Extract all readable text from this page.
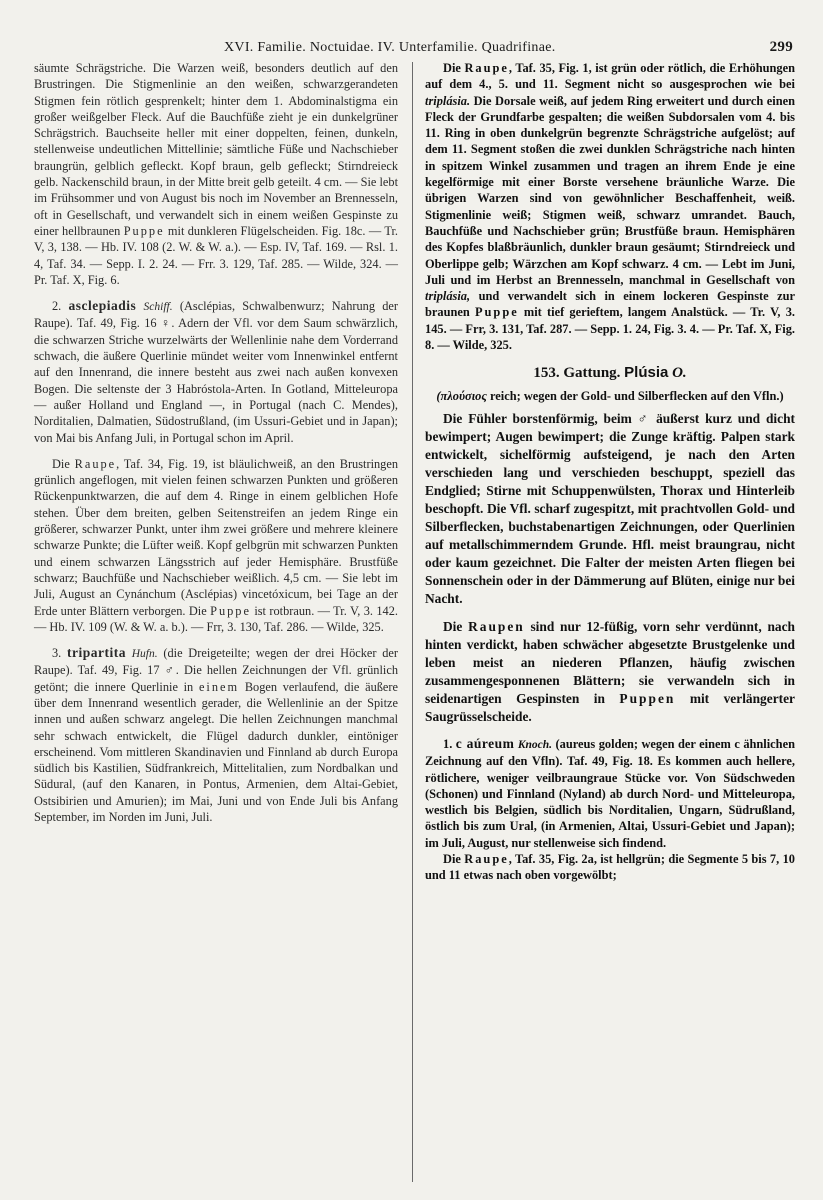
XVI. Familie. Noctuidae. IV. Unterfamilie. Quadrifinae.	299

säumte Schrägstriche. Die Warzen weiß, besonders deutlich auf den Brustringen. Die Stigmenlinie an den weißen, schwarzgerandeten Stigmen fein rötlich gesprenkelt; hinter dem 1. Abdominalstigma ein großer weißgelber Fleck. Auf die Bauchfüße zieht je ein dunkelgrüner Schrägstrich. Bauchseite heller mit einer doppelten, feinen, dunkeln, stellenweise undeutlichen Mittellinie; sämtliche Füße und Nachschieber braungrün, gelblich gefleckt. Kopf braun, gelb gefleckt; Stirndreieck gelb. Nackenschild braun, in der Mitte breit gelb geteilt. 4 cm. — Sie lebt im Frühsommer und von August bis noch im November an Brennesseln, oft in Gesellschaft, und verwandelt sich in einem weißen Gespinste zu einer hellbraunen Puppe mit dunkleren Flügelscheiden. Fig. 18c. — Tr. V, 3, 138. — Hb. IV. 108 (2. W. & W. a.). — Esp. IV, Taf. 169. — Rsl. 1. 4, Taf. 34. — Sepp. I. 2. 24. — Frr. 3. 129, Taf. 285. — Wilde, 324. — Pr. Taf. X, Fig. 6.

2. asclepiadis Schiff. (Asclépias, Schwalbenwurz; Nahrung der Raupe). Taf. 49, Fig. 16 ♀. Adern der Vfl. vor dem Saum schwärzlich, die schwarzen Striche wurzelwärts der Wellenlinie nahe dem Vorderrand schwach, die äußere Querlinie mündet weiter vom Innenwinkel entfernt auf den Innenrand, die innere besteht aus zwei nach außen konvexen Bogen. Die seltenste der 3 Habróstola-Arten. In Gotland, Mitteleuropa — außer Holland und England —, in Portugal (nach C. Mendes), Norditalien, Dalmatien, Südostrußland, (im Ussuri-Gebiet und in Japan); von Mai bis Anfang Juli, in Portugal schon im April.

Die Raupe, Taf. 34, Fig. 19, ist bläulichweiß, an den Brustringen grünlich angeflogen, mit vielen feinen schwarzen Punkten und größeren Rückenpunktwarzen, die auf dem 4. Ringe in einem gelblichen Hofe stehen. Über dem breiten, gelben Seitenstreifen an jedem Ringe ein größerer, schwarzer Punkt, unter ihm zwei größere und mehrere kleinere schwarze Punkte; die Lüfter weiß. Kopf gelbgrün mit schwarzen Punkten und einem schwarzen Längsstrich auf jeder Hemisphäre. Brustfüße schwarz; Bauchfüße und Nachschieber weißlich. 4,5 cm. — Sie lebt im Juli, August an Cynánchum (Asclépias) vincetóxicum, bei Tage an der Erde unter Blättern verborgen. Die Puppe ist rotbraun. — Tr. V, 3. 142. — Hb. IV. 109 (W. & W. a. b.). — Frr, 3. 130, Taf. 286. — Wilde, 325.

3. tripartita Hufn. (die Dreigeteilte; wegen der drei Höcker der Raupe). Taf. 49, Fig. 17 ♂. Die hellen Zeichnungen der Vfl. grünlich getönt; die innere Querlinie in einem Bogen verlaufend, die äußere über dem Innenrand wesentlich gerader, die Wellenlinie an der Spitze innen und außen schwarz angelegt. Die hellen Zeichnungen manchmal sehr schwach entwickelt, die Flügel dadurch dunkler, eintöniger erscheinend. Vom mittleren Skandinavien und Finnland ab durch Europa südlich bis Kastilien, Südfrankreich, Mittelitalien, zum Nordbalkan und Südural, (auf den Kanaren, in Pontus, Armenien, dem Altai-Gebiet, Ostsibirien und Amurien); im Mai, Juni und von Ende Juli bis Anfang September, im Norden im Juni, Juli.

Die Raupe, Taf. 35, Fig. 1, ist grün oder rötlich, die Erhöhungen auf dem 4., 5. und 11. Segment nicht so ausgesprochen wie bei triplásia. Die Dorsale weiß, auf jedem Ring erweitert und durch einen Fleck der Grundfarbe gespalten; die weißen Subdorsalen vom 4. bis 11. Ring in oben dunkelgrün begrenzte Schrägstriche aufgelöst; auf dem 11. Segment stoßen die zwei dunklen Schrägstriche nach hinten in spitzem Winkel zusammen und tragen an ihrem Ende je eine kegelförmige mit einer Borste versehene bräunliche Warze. Die übrigen Warzen sind von gewöhnlicher Beschaffenheit, weiß. Stigmenlinie weiß; Stigmen weiß, schwarz umrandet. Bauch, Bauchfüße und Nachschieber grün; Brustfüße braun. Hemisphären des Kopfes blaßbräunlich, dunkler braun gesäumt; Stirndreieck und Oberlippe gelb; Wärzchen am Kopf schwarz. 4 cm. — Lebt im Juni, Juli und im Herbst an Brennesseln, manchmal in Gesellschaft von triplásia, und verwandelt sich in einem lockeren Gespinste zur braunen Puppe mit tief gerieftem, langem Analstück. — Tr. V, 3. 145. — Frr, 3. 131, Taf. 287. — Sepp. 1. 24, Fig. 3. 4. — Pr. Taf. X, Fig. 8. — Wilde, 325.

153. Gattung. Plúsia O.

(πλούσιος reich; wegen der Gold- und Silberflecken auf den Vfln.)

Die Fühler borstenförmig, beim ♂ äußerst kurz und dicht bewimpert; Augen bewimpert; die Zunge kräftig. Palpen stark entwickelt, sichelförmig aufsteigend, je nach den Arten verschieden lang und verschieden beschuppt, speziell das Endglied; Stirne mit Schuppenwülsten, Thorax und Hinterleib beschopft. Die Vfl. scharf zugespitzt, mit prachtvollen Gold- und Silberflecken, buchstabenartigen Zeichnungen, oder Querlinien auf metallschimmerndem Grunde. Hfl. meist braungrau, nicht oder kaum gezeichnet. Die Falter der meisten Arten fliegen bei Sonnenschein oder in der Dämmerung auf Blüten, einige nur bei Nacht.

Die Raupen sind nur 12-füßig, vorn sehr verdünnt, nach hinten verdickt, haben schwächer abgesetzte Brustgelenke und leben meist an niederen Pflanzen, häufig zwischen zusammengesponnenen Blättern; sie verwandeln sich in seidenartigen Gespinsten in Puppen mit verlängerter Saugrüsselscheide.

1. c aúreum Knoch. (aureus golden; wegen der einem c ähnlichen Zeichnung auf den Vfln). Taf. 49, Fig. 18. Es kommen auch hellere, rötlichere, weniger veilbraungraue Stücke vor. Von Südschweden (Schonen) und Finnland (Nyland) ab durch Nord- und Mitteleuropa, westlich bis Belgien, südlich bis Norditalien, Ungarn, Südrußland, östlich bis zum Ural, (in Armenien, Altai, Ussuri-Gebiet und Japan); im Juli, August, nur stellenweise sich findend.

Die Raupe, Taf. 35, Fig. 2a, ist hellgrün; die Segmente 5 bis 7, 10 und 11 etwas nach oben vorgewölbt;
